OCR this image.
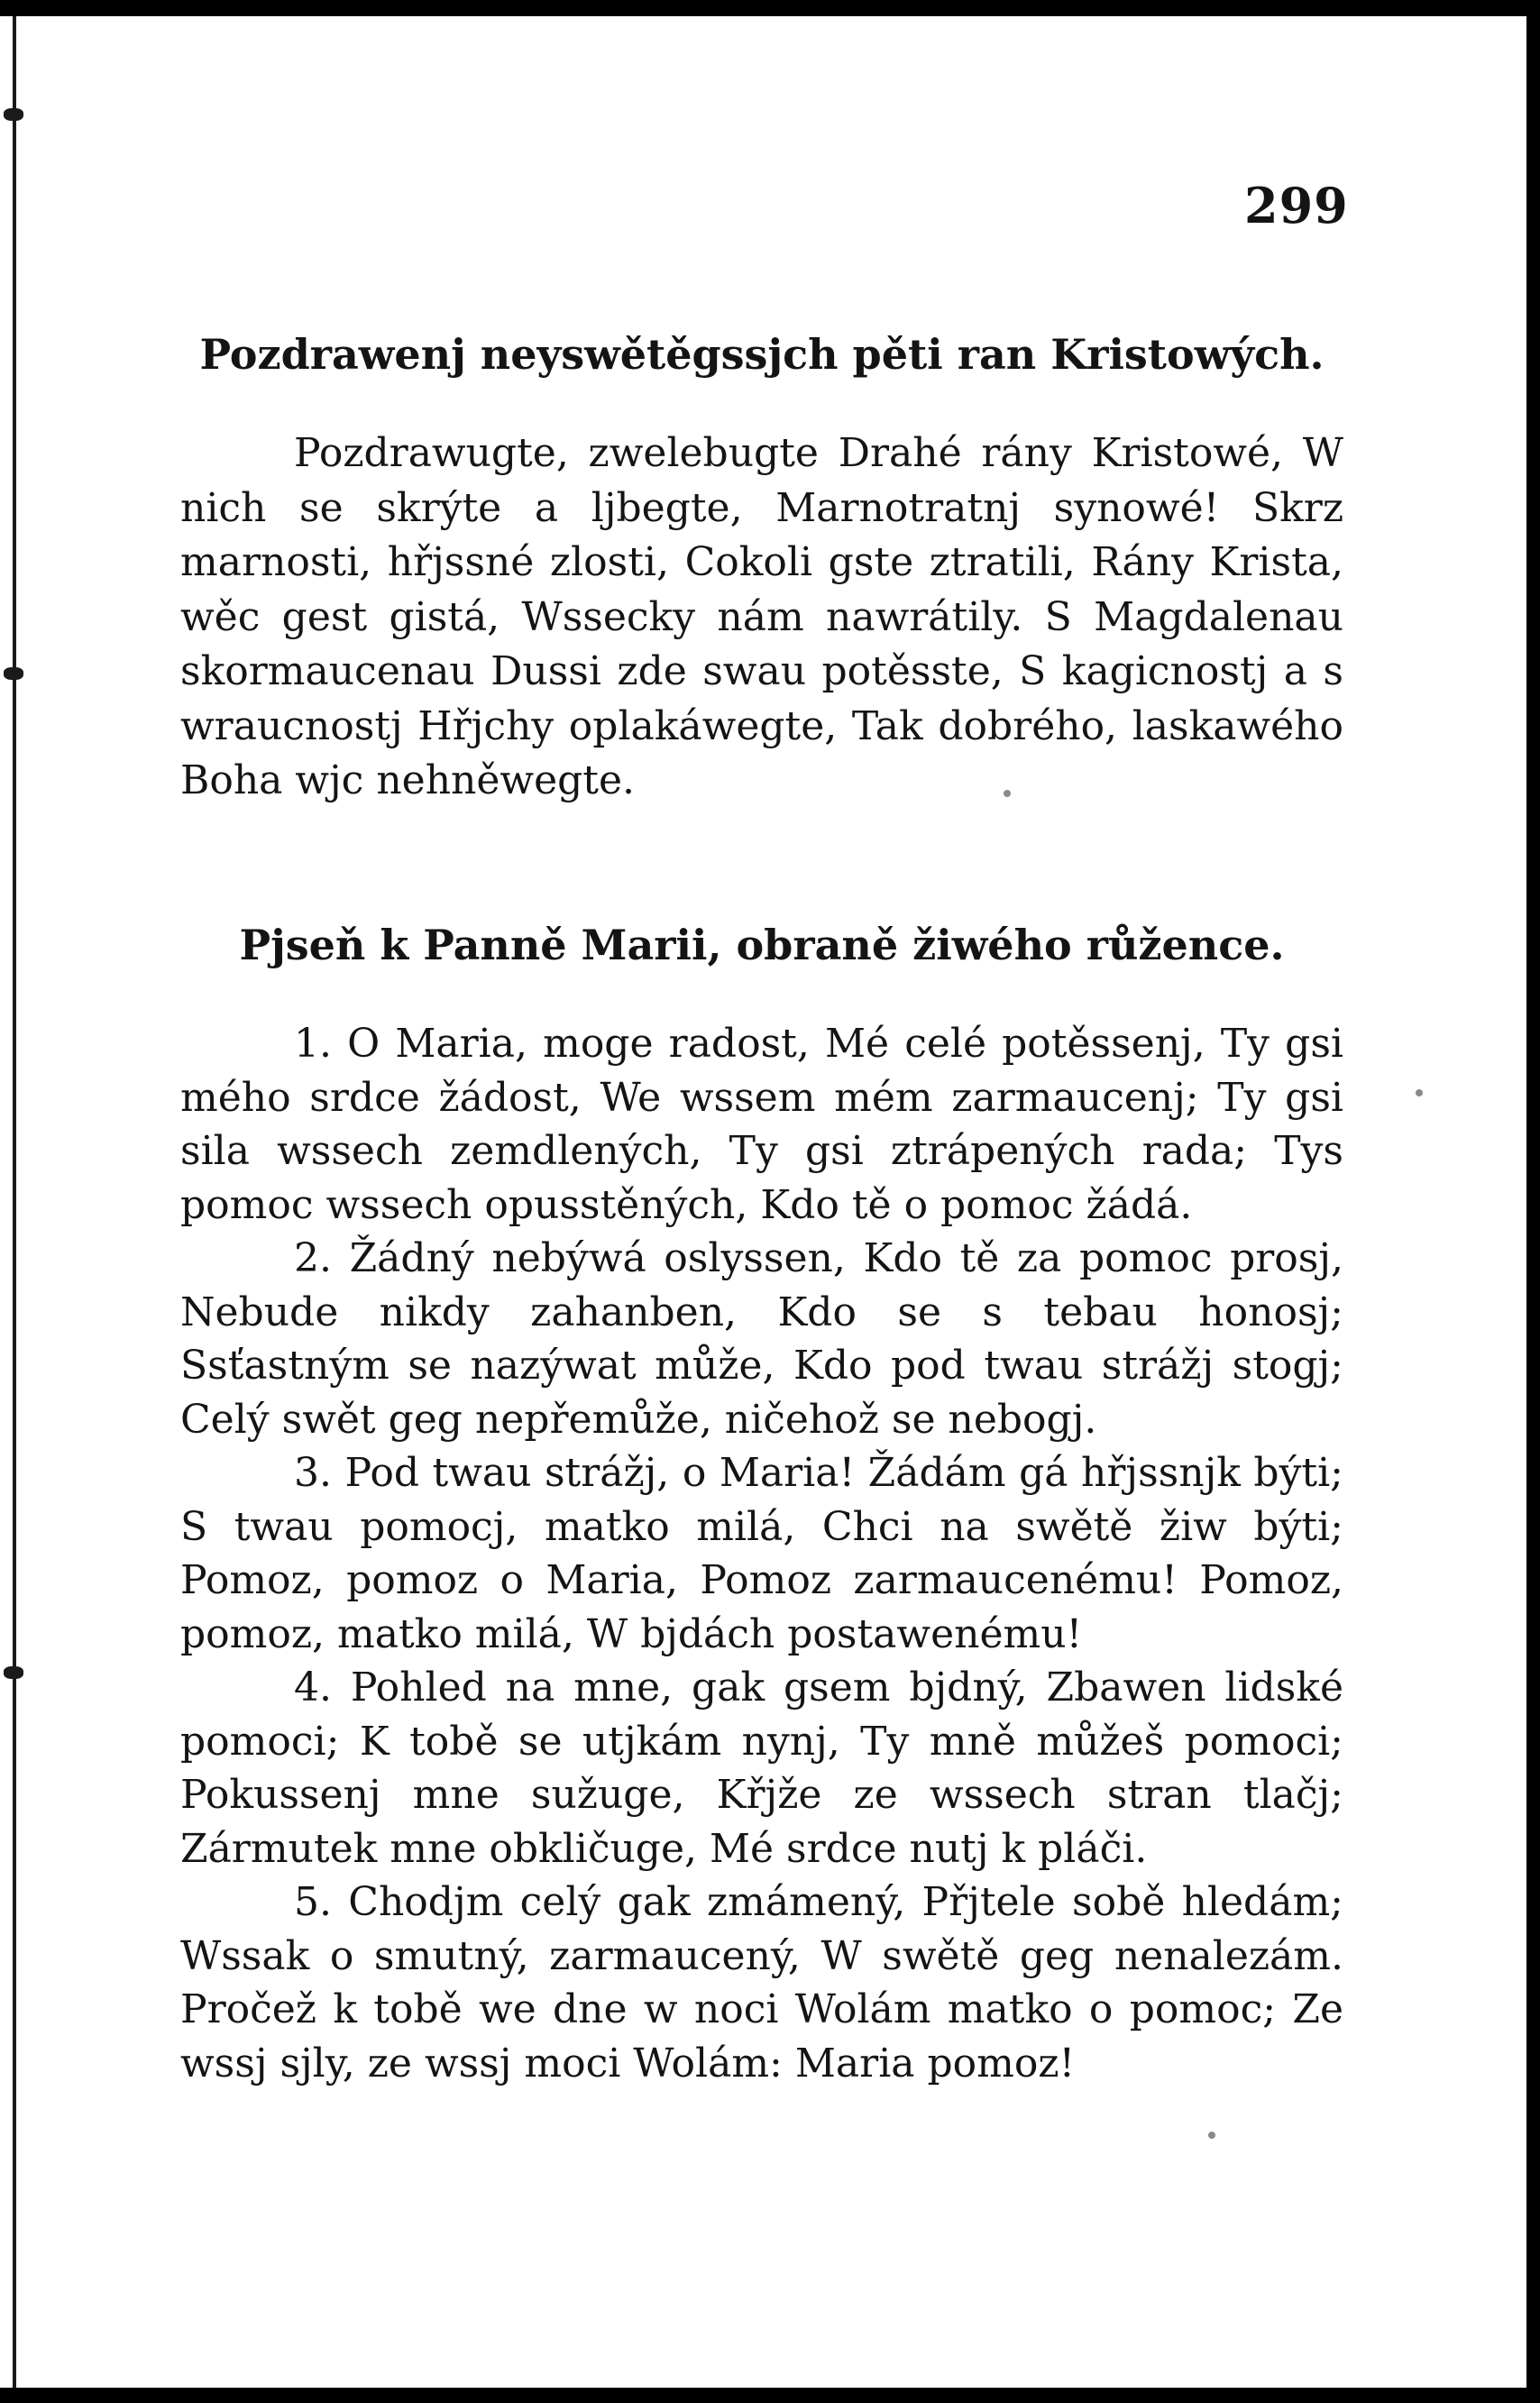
299
Pozdrawenj neyswětěgssjch pěti ran Kristowých.

Pozdrawugte, zwelebugte Drahé rány Kristowé, W nich se skrýte a ljbegte, Marnotratnj synowé! Skrz marnosti, hřjssné zlosti, Cokoli gste ztratili, Rány Krista, wěc gest gistá, Wssecky nám nawrátily. S Magdalenau skormaucenau Dussi zde swau potěsste, S kagicnostj a s wraucnostj Hřjchy oplakáwegte, Tak dobrého, laskawého Boha wjc nehněwegte.

Pjseň k Panně Marii, obraně žiwého růžence.

1. O Maria, moge radost, Mé celé potěssenj, Ty gsi mého srdce žádost, We wssem mém zarmaucenj; Ty gsi sila wssech zemdlených, Ty gsi ztrápených rada; Tys pomoc wssech opusstěných, Kdo tě o pomoc žádá.

2. Žádný nebýwá oslyssen, Kdo tě za pomoc prosj, Nebude nikdy zahanben, Kdo se s tebau honosj; Ssťastným se nazýwat může, Kdo pod twau strážj stogj; Celý swět geg nepřemůže, ničehož se nebogj.

3. Pod twau strážj, o Maria! Žádám gá hřjssnjk býti; S twau pomocj, matko milá, Chci na swětě žiw býti; Pomoz, pomoz o Maria, Pomoz zarmaucenému! Pomoz, pomoz, matko milá, W bjdách postawenému!

4. Pohled na mne, gak gsem bjdný, Zbawen lidské pomoci; K tobě se utjkám nynj, Ty mně můžeš pomoci; Pokussenj mne sužuge, Křjže ze wssech stran tlačj; Zármutek mne obkličuge, Mé srdce nutj k pláči.

5. Chodjm celý gak zmámený, Přjtele sobě hledám; Wssak o smutný, zarmaucený, W swětě geg nenalezám. Pročež k tobě we dne w noci Wolám matko o pomoc; Ze wssj sjly, ze wssj moci Wolám: Maria pomoz!
